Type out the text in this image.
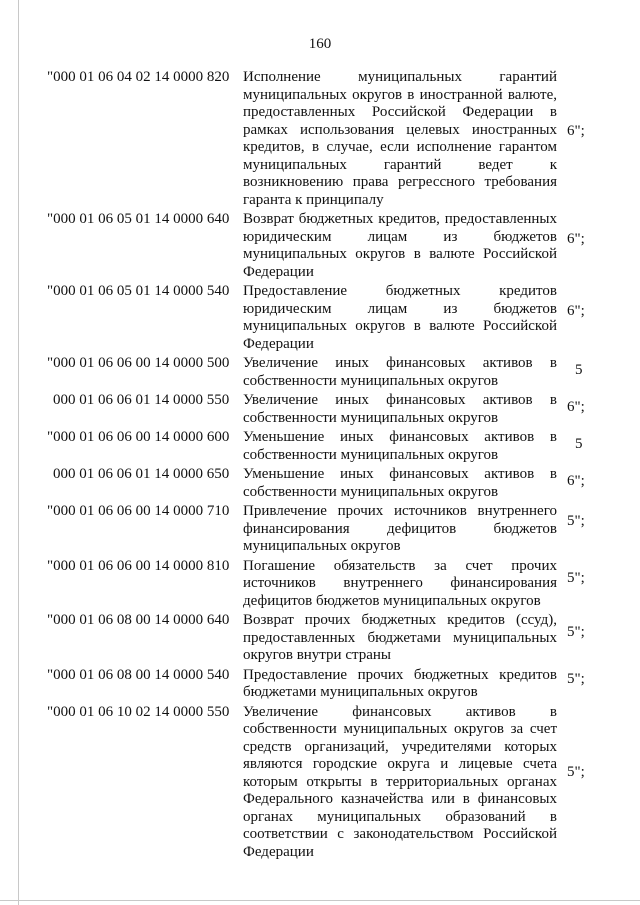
160
"000 01 06 04 02 14 0000 820 Исполнение муниципальных гарантий муниципальных округов в иностранной валюте, предоставленных Российской Федерации в рамках использования целевых иностранных кредитов, в случае, если исполнение гарантом муниципальных гарантий ведет к возникновению права регрессного требования гаранта к принципалу
6";
"000 01 06 05 01 14 0000 640 Возврат бюджетных кредитов, предоставленных юридическим лицам из бюджетов муниципальных округов в валюте Российской Федерации
6";
"000 01 06 05 01 14 0000 540 Предоставление бюджетных кредитов юридическим лицам из бюджетов муниципальных округов в валюте Российской Федерации
6";
"000 01 06 06 00 14 0000 500 Увеличение иных финансовых активов в собственности муниципальных округов
5
000 01 06 06 01 14 0000 550 Увеличение иных финансовых активов в собственности муниципальных округов
6";
"000 01 06 06 00 14 0000 600 Уменьшение иных финансовых активов в собственности муниципальных округов
5
000 01 06 06 01 14 0000 650 Уменьшение иных финансовых активов в собственности муниципальных округов
6";
"000 01 06 06 00 14 0000 710 Привлечение прочих источников внутреннего финансирования дефицитов бюджетов муниципальных округов
5";
"000 01 06 06 00 14 0000 810 Погашение обязательств за счет прочих источников внутреннего финансирования дефицитов бюджетов муниципальных округов
5";
"000 01 06 08 00 14 0000 640 Возврат прочих бюджетных кредитов (ссуд), предоставленных бюджетами муниципальных округов внутри страны
5";
"000 01 06 08 00 14 0000 540 Предоставление прочих бюджетных кредитов бюджетами муниципальных округов
5";
"000 01 06 10 02 14 0000 550 Увеличение финансовых активов в собственности муниципальных округов за счет средств организаций, учредителями которых являются городские округа и лицевые счета которым открыты в территориальных органах Федерального казначейства или в финансовых органах муниципальных образований в соответствии с законодательством Российской Федерации
5";
